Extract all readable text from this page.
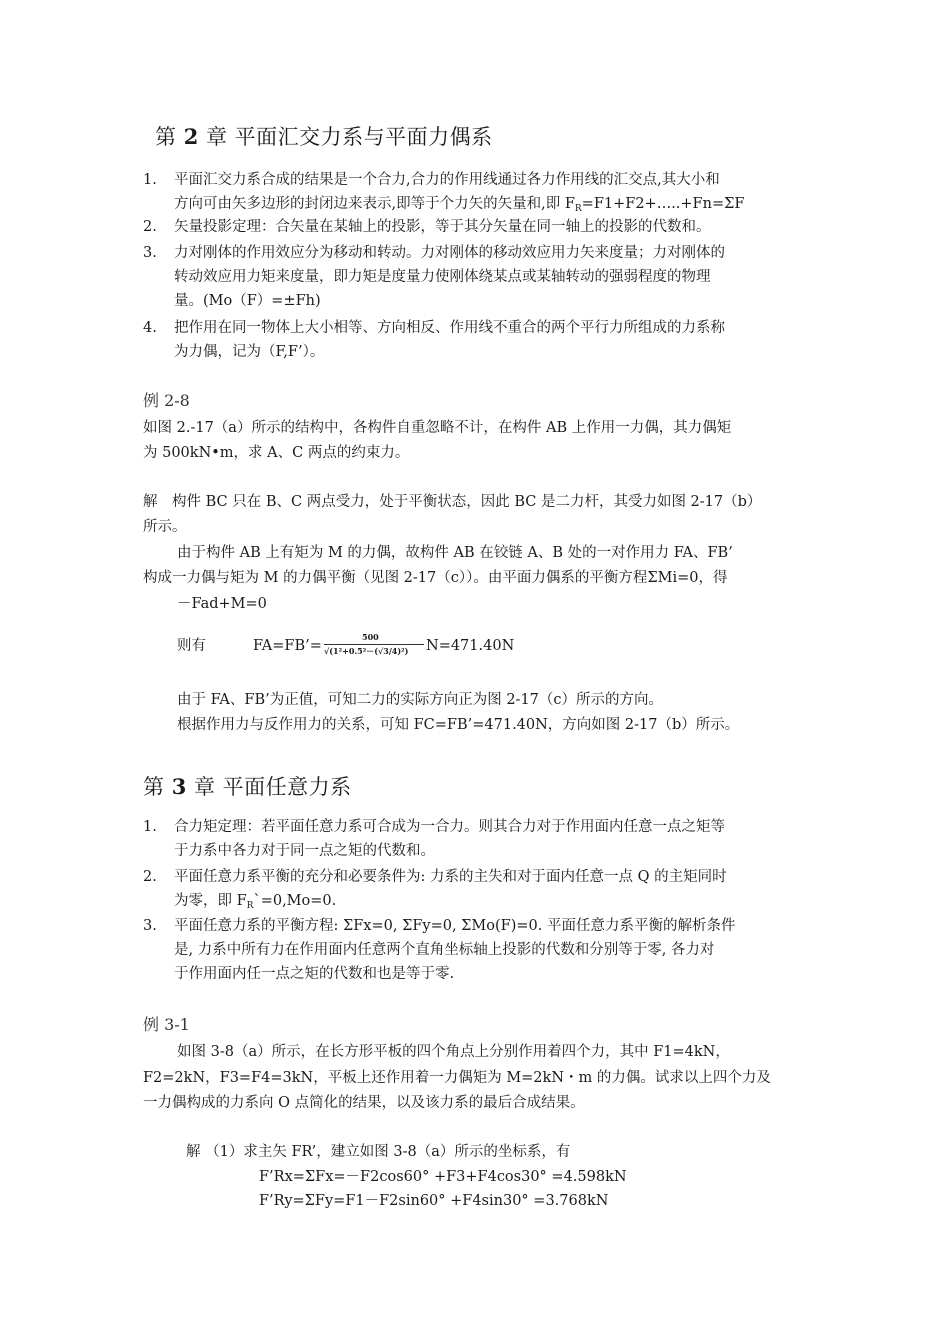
第 2 章 平面汇交力系与平面力偶系
1. 平面汇交力系合成的结果是一个合力,合力的作用线通过各力作用线的汇交点,其大小和
方向可由矢多边形的封闭边来表示,即等于个力矢的矢量和,即 $F_R=F1+F2+\dots..+Fn=\Sigma F$
2. 矢量投影定理：合矢量在某轴上的投影，等于其分矢量在同一轴上的投影的代数和。
3. 力对刚体的作用效应分为移动和转动。力对刚体的移动效应用力矢来度量；力对刚体的
转动效应用力矩来度量，即力矩是度量力使刚体绕某点或某轴转动的强弱程度的物理
量。(Mo（F）=±Fh)
4. 把作用在同一物体上大小相等、方向相反、作用线不重合的两个平行力所组成的力系称
为力偶，记为（F,F’）。
例 2-8
如图 2.-17（a）所示的结构中，各构件自重忽略不计，在构件 AB 上作用一力偶，其力偶矩
为 500kN•m，求 A、C 两点的约束力。
解　构件 BC 只在 B、C 两点受力，处于平衡状态，因此 BC 是二力杆，其受力如图 2-17（b）
所示。
由于构件 AB 上有矩为 M 的力偶，故构件 AB 在铰链 A、B 处的一对作用力 FA、FB’
构成一力偶与矩为 M 的力偶平衡（见图 2-17（c））。由平面力偶系的平衡方程ΣMi=0，得
－Fad+M=0
则有	FA=FB’=
500
√(1²+0.5²－(√3/4)²) N=471.40N
由于 FA、FB’为正值，可知二力的实际方向正为图 2-17（c）所示的方向。
根据作用力与反作用力的关系，可知 FC=FB’=471.40N，方向如图 2-17（b）所示。
第 3 章 平面任意力系
1. 合力矩定理：若平面任意力系可合成为一合力。则其合力对于作用面内任意一点之矩等
于力系中各力对于同一点之矩的代数和。
2. 平面任意力系平衡的充分和必要条件为: 力系的主失和对于面内任意一点 Q 的主矩同时
为零，即 $F_R`=0,Mo=0$.
3. 平面任意力系的平衡方程: ΣFx=0, ΣFy=0, ΣMo(F)=0. 平面任意力系平衡的解析条件
是, 力系中所有力在作用面内任意两个直角坐标轴上投影的代数和分别等于零, 各力对
于作用面内任一点之矩的代数和也是等于零.
例 3-1
如图 3-8（a）所示，在长方形平板的四个角点上分别作用着四个力，其中 F1=4kN，
F2=2kN，F3=F4=3kN，平板上还作用着一力偶矩为 M=2kN・m 的力偶。试求以上四个力及
一力偶构成的力系向 O 点简化的结果，以及该力系的最后合成结果。
解 （1）求主矢 FR’，建立如图 3-8（a）所示的坐标系，有
F’Rx=ΣFx=－F2cos60° +F3+F4cos30° =4.598kN
F’Ry=ΣFy=F1－F2sin60° +F4sin30° =3.768kN
